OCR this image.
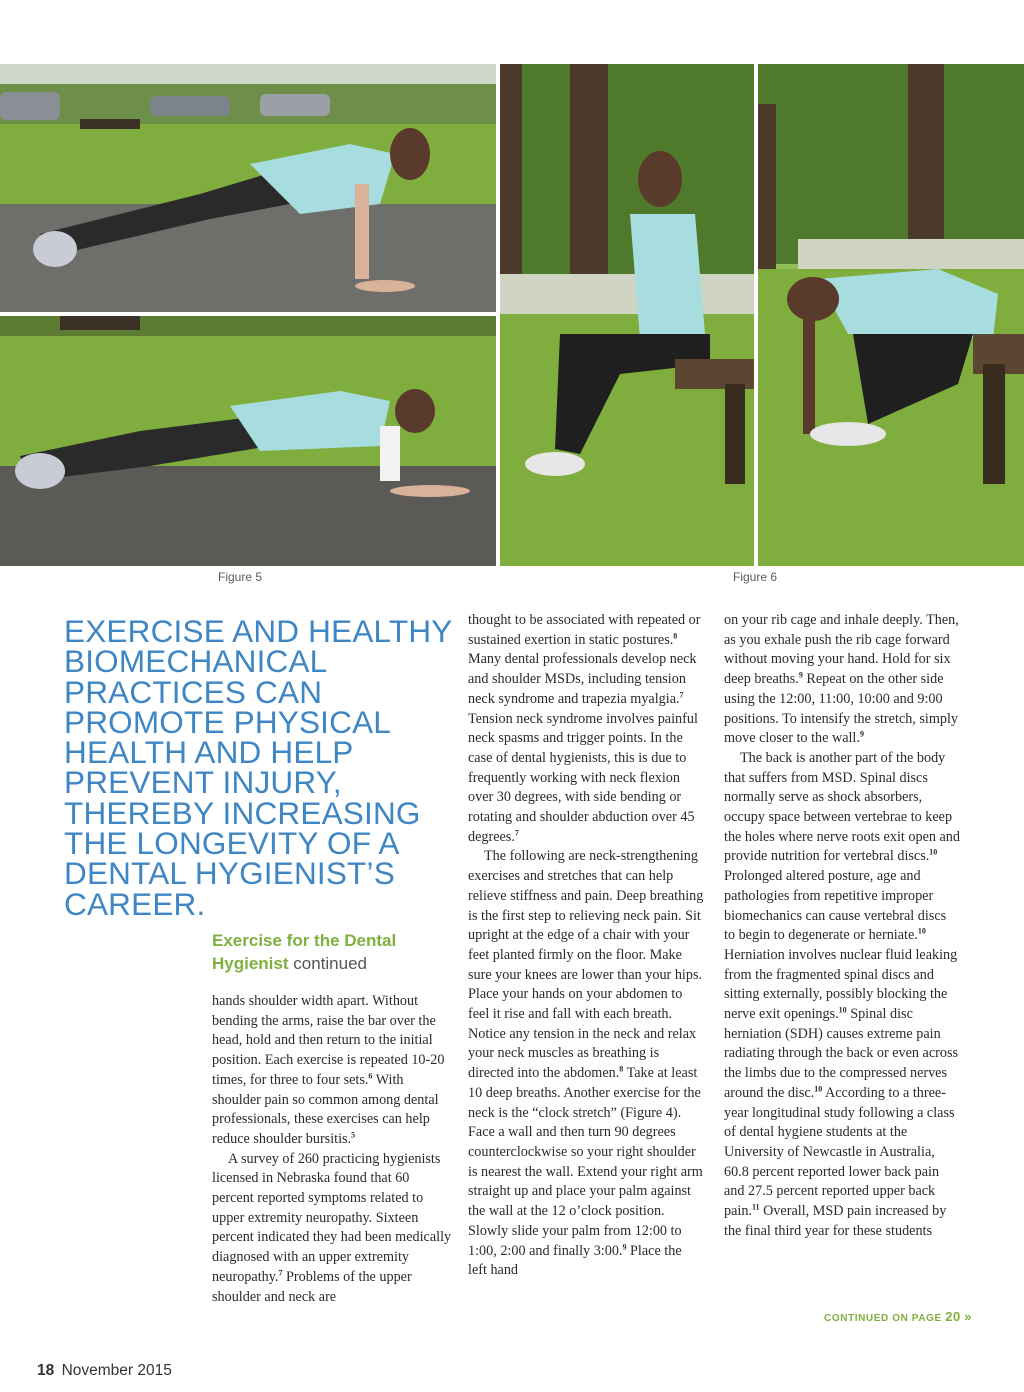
Figure 5	Figure 6
EXERCISE AND HEALTHY BIOMECHANICAL PRACTICES CAN PROMOTE PHYSICAL HEALTH AND HELP PREVENT INJURY, THEREBY INCREASING THE LONGEVITY OF A DENTAL HYGIENIST’S CAREER.
Exercise for the Dental
Hygienist continued

hands shoulder width apart. Without bending the arms, raise the bar over the head, hold and then return to the initial position. Each exercise is repeated 10-20 times, for three to four sets.$^6$ With shoulder pain so common among dental professionals, these exercises can help reduce shoulder bursitis.$^5$

A survey of 260 practicing hygienists licensed in Nebraska found that 60 percent reported symptoms related to upper extremity neuropathy. Sixteen percent indicated they had been medically diagnosed with an upper extremity neuropathy.$^7$ Problems of the upper shoulder and neck are

thought to be associated with repeated or sustained exertion in static postures.$^8$ Many dental professionals develop neck and shoulder MSDs, including tension neck syndrome and trapezia myalgia.$^7$ Tension neck syndrome involves painful neck spasms and trigger points. In the case of dental hygienists, this is due to frequently working with neck flexion over 30 degrees, with side bending or rotating and shoulder abduction over 45 degrees.$^7$

The following are neck-strengthening exercises and stretches that can help relieve stiffness and pain. Deep breathing is the first step to relieving neck pain. Sit upright at the edge of a chair with your feet planted firmly on the floor. Make sure your knees are lower than your hips. Place your hands on your abdomen to feel it rise and fall with each breath. Notice any tension in the neck and relax your neck muscles as breathing is directed into the abdomen.$^8$ Take at least 10 deep breaths. Another exercise for the neck is the “clock stretch” (Figure 4). Face a wall and then turn 90 degrees counterclockwise so your right shoulder is nearest the wall. Extend your right arm straight up and place your palm against the wall at the 12 o’clock position. Slowly slide your palm from 12:00 to 1:00, 2:00 and finally 3:00.$^9$ Place the left hand

on your rib cage and inhale deeply. Then, as you exhale push the rib cage forward without moving your hand. Hold for six deep breaths.$^9$ Repeat on the other side using the 12:00, 11:00, 10:00 and 9:00 positions. To intensify the stretch, simply move closer to the wall.$^9$

The back is another part of the body that suffers from MSD. Spinal discs normally serve as shock absorbers, occupy space between vertebrae to keep the holes where nerve roots exit open and provide nutrition for vertebral discs.$^{10}$ Prolonged altered posture, age and pathologies from repetitive improper biomechanics can cause vertebral discs to begin to degenerate or herniate.$^{10}$ Herniation involves nuclear fluid leaking from the fragmented spinal discs and sitting externally, possibly blocking the nerve exit openings.$^{10}$ Spinal disc herniation (SDH) causes extreme pain radiating through the back or even across the limbs due to the compressed nerves around the disc.$^{10}$ According to a three-year longitudinal study following a class of dental hygiene students at the University of Newcastle in Australia, 60.8 percent reported lower back pain and 27.5 percent reported upper back pain.$^{11}$ Overall, MSD pain increased by the final third year for these students

CONTINUED ON PAGE 20 »
18 November 2015
